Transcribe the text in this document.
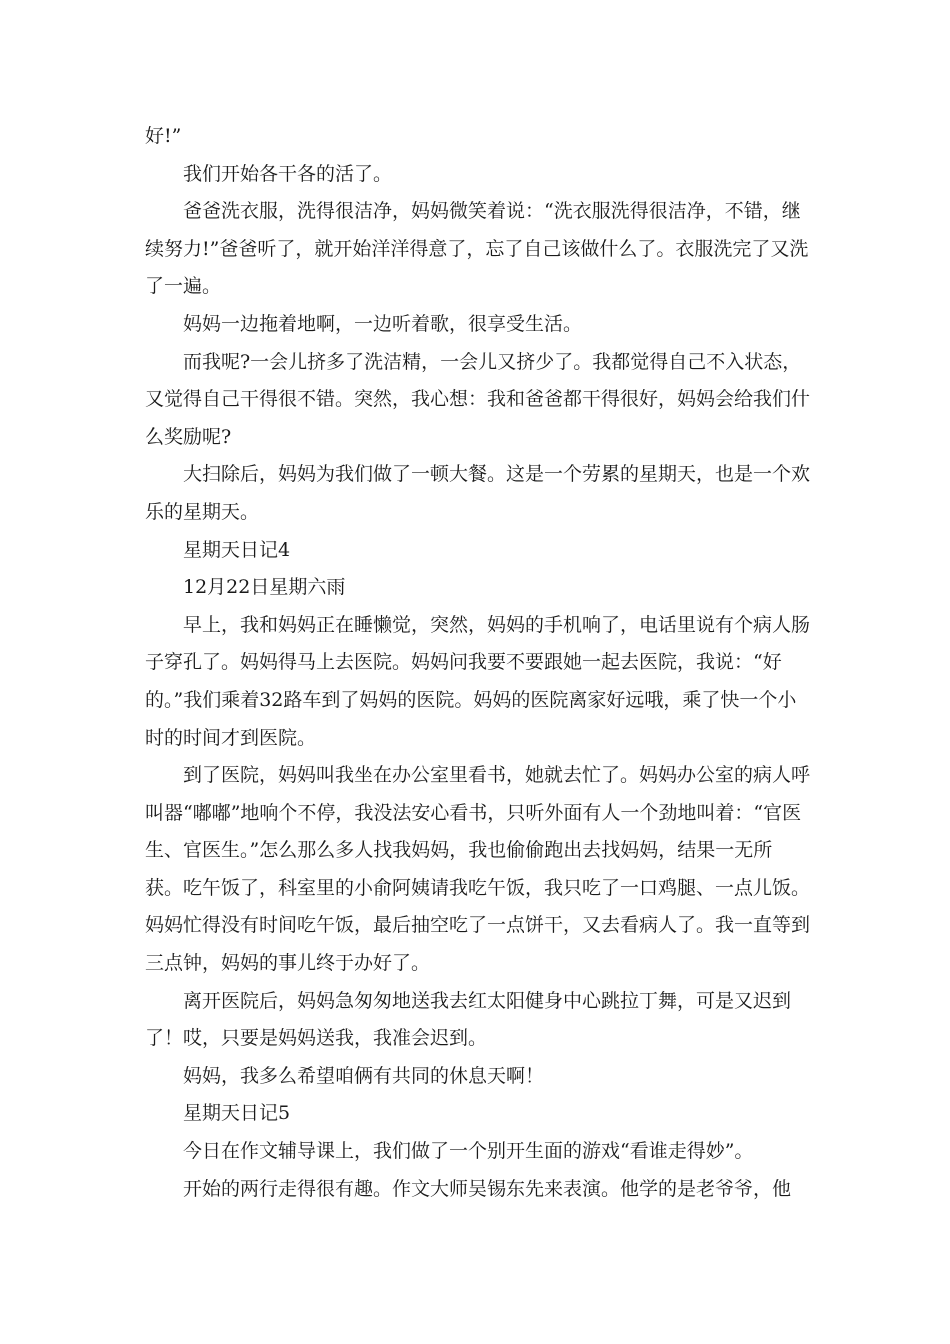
好!”

我们开始各干各的活了。

爸爸洗衣服，洗得很洁净，妈妈微笑着说：“洗衣服洗得很洁净，不错，继续努力!”爸爸听了，就开始洋洋得意了，忘了自己该做什么了。衣服洗完了又洗了一遍。

妈妈一边拖着地啊，一边听着歌，很享受生活。

而我呢?一会儿挤多了洗洁精，一会儿又挤少了。我都觉得自己不入状态，又觉得自己干得很不错。突然，我心想：我和爸爸都干得很好，妈妈会给我们什么奖励呢?

大扫除后，妈妈为我们做了一顿大餐。这是一个劳累的星期天，也是一个欢乐的星期天。

星期天日记4

12月22日星期六雨

早上，我和妈妈正在睡懒觉，突然，妈妈的手机响了，电话里说有个病人肠子穿孔了。妈妈得马上去医院。妈妈问我要不要跟她一起去医院，我说：“好的。”我们乘着32路车到了妈妈的医院。妈妈的医院离家好远哦，乘了快一个小时的时间才到医院。

到了医院，妈妈叫我坐在办公室里看书，她就去忙了。妈妈办公室的病人呼叫器“嘟嘟”地响个不停，我没法安心看书，只听外面有人一个劲地叫着：“官医生、官医生。”怎么那么多人找我妈妈，我也偷偷跑出去找妈妈，结果一无所获。吃午饭了，科室里的小俞阿姨请我吃午饭，我只吃了一口鸡腿、一点儿饭。妈妈忙得没有时间吃午饭，最后抽空吃了一点饼干，又去看病人了。我一直等到三点钟，妈妈的事儿终于办好了。

离开医院后，妈妈急匆匆地送我去红太阳健身中心跳拉丁舞，可是又迟到了！哎，只要是妈妈送我，我准会迟到。

妈妈，我多么希望咱俩有共同的休息天啊！

星期天日记5

今日在作文辅导课上，我们做了一个别开生面的游戏“看谁走得妙”。

开始的两行走得很有趣。作文大师吴锡东先来表演。他学的是老爷爷，他
